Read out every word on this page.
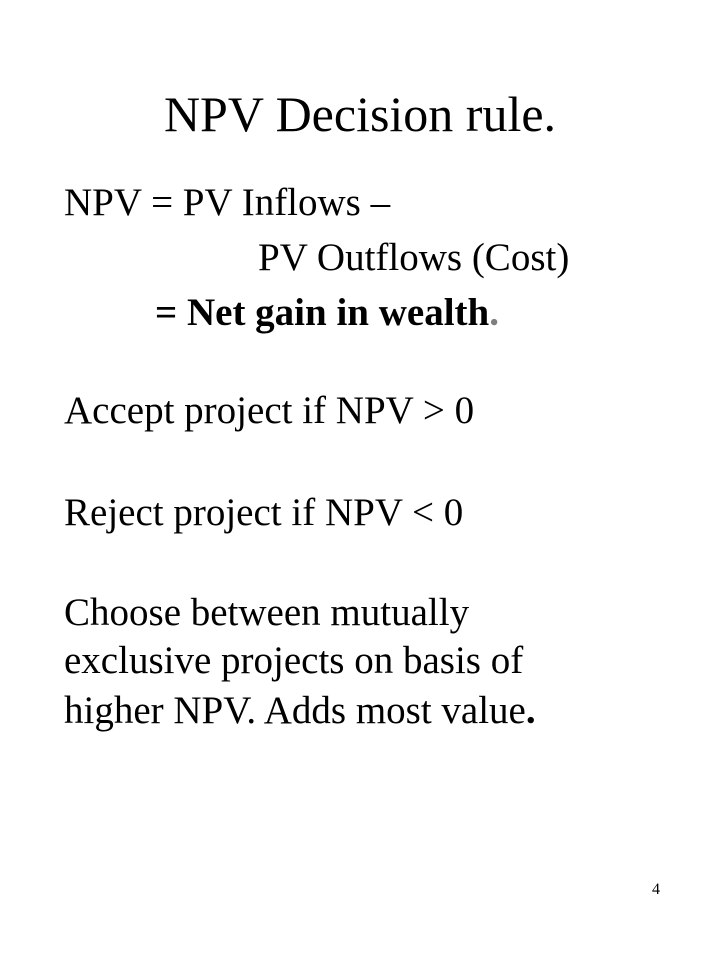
NPV Decision rule.
NPV = PV Inflows –
PV Outflows (Cost)
= Net gain in wealth.
Accept project if NPV > 0
Reject project if NPV < 0
Choose between mutually
exclusive projects on basis of
higher NPV. Adds most value.
4
